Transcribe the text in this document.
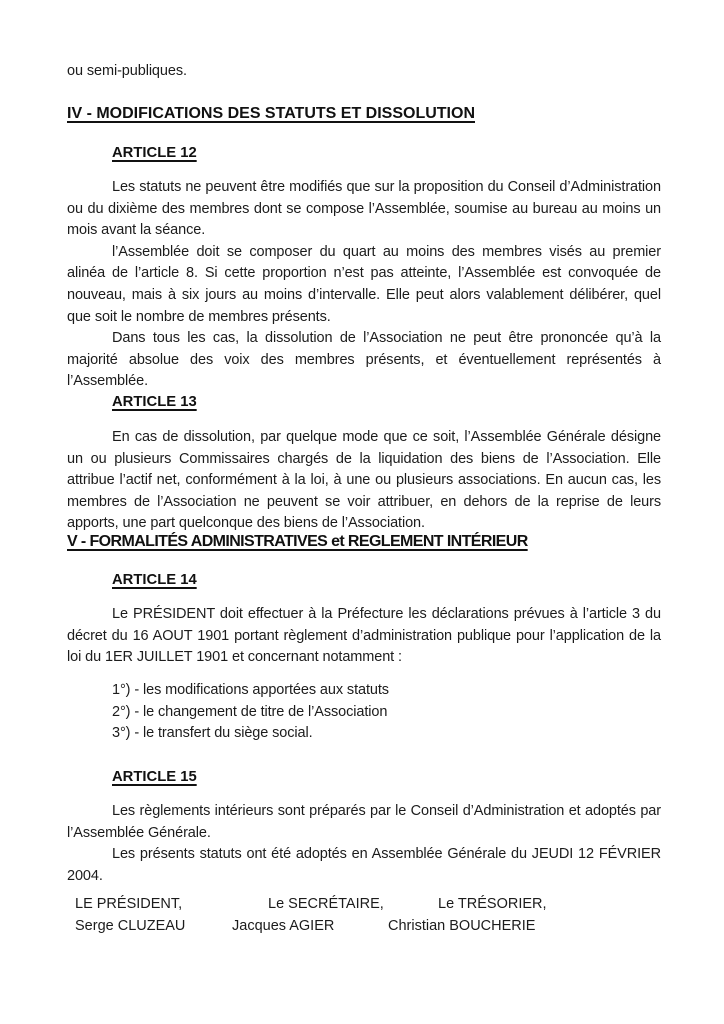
ou semi-publiques.

IV - MODIFICATIONS DES STATUTS ET DISSOLUTION
ARTICLE 12

Les statuts ne peuvent être modifiés que sur la proposition du Conseil d’Administration ou du dixième des membres dont se compose l’Assemblée, soumise au bureau au moins un mois avant la séance.

l’Assemblée doit se composer du quart au moins des membres visés au premier alinéa de l’article 8. Si cette proportion n’est pas atteinte, l’Assemblée est convoquée de nouveau, mais à six jours au moins d’intervalle. Elle peut alors valablement délibérer, quel que soit le nombre de membres présents.

Dans tous les cas, la dissolution de l’Association ne peut être prononcée qu’à la majorité absolue des voix des membres présents, et éventuellement représentés à l’Assemblée.

ARTICLE 13

En cas de dissolution, par quelque mode que ce soit, l’Assemblée Générale désigne un ou plusieurs Commissaires chargés de la liquidation des biens de l’Association. Elle attribue l’actif net, conformément à la loi, à une ou plusieurs associations. En aucun cas, les membres de l’Association ne peuvent se voir attribuer, en dehors de la reprise de leurs apports, une part quelconque des biens de l’Association.

V - FORMALITÉS ADMINISTRATIVES et REGLEMENT INTÉRIEUR
ARTICLE 14

Le PRÉSIDENT doit effectuer à la Préfecture les déclarations prévues à l’article 3 du décret du 16 AOUT 1901 portant règlement d’administration publique pour l’application de la loi du 1ER JUILLET 1901 et concernant notamment :

1°) - les modifications apportées aux statuts
2°) - le changement de titre de l’Association
3°) - le transfert du siège social.
ARTICLE 15

Les règlements intérieurs sont préparés par le Conseil d’Administration et adoptés par l’Assemblée Générale.

Les présents statuts ont été adoptés en Assemblée Générale du JEUDI 12 FÉVRIER 2004.

LE PRÉSIDENT,	Le SECRÉTAIRE,	Le TRÉSORIER,
Serge CLUZEAU	Jacques AGIER	Christian BOUCHERIE
